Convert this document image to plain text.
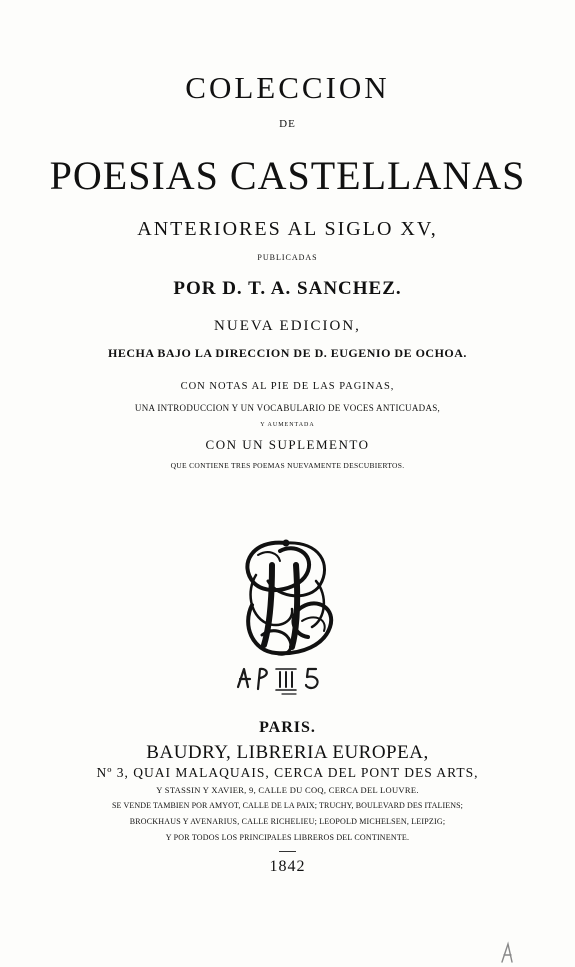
COLECCION
DE
POESIAS CASTELLANAS
ANTERIORES AL SIGLO XV,
PUBLICADAS
POR D. T. A. SANCHEZ.
NUEVA EDICION,
HECHA BAJO LA DIRECCION DE D. EUGENIO DE OCHOA.
CON NOTAS AL PIE DE LAS PAGINAS,
UNA INTRODUCCION Y UN VOCABULARIO DE VOCES ANTICUADAS,
Y AUMENTADA
CON UN SUPLEMENTO
QUE CONTIENE TRES POEMAS NUEVAMENTE DESCUBIERTOS.
PARIS.
BAUDRY, LIBRERIA EUROPEA,
Nº 3, QUAI MALAQUAIS, CERCA DEL PONT DES ARTS,
Y STASSIN Y XAVIER, 9, CALLE DU COQ, CERCA DEL LOUVRE.
SE VENDE TAMBIEN POR AMYOT, CALLE DE LA PAIX; TRUCHY, BOULEVARD DES ITALIENS;
BROCKHAUS Y AVENARIUS, CALLE RICHELIEU; LEOPOLD MICHELSEN, LEIPZIG;
Y POR TODOS LOS PRINCIPALES LIBREROS DEL CONTINENTE.
1842
